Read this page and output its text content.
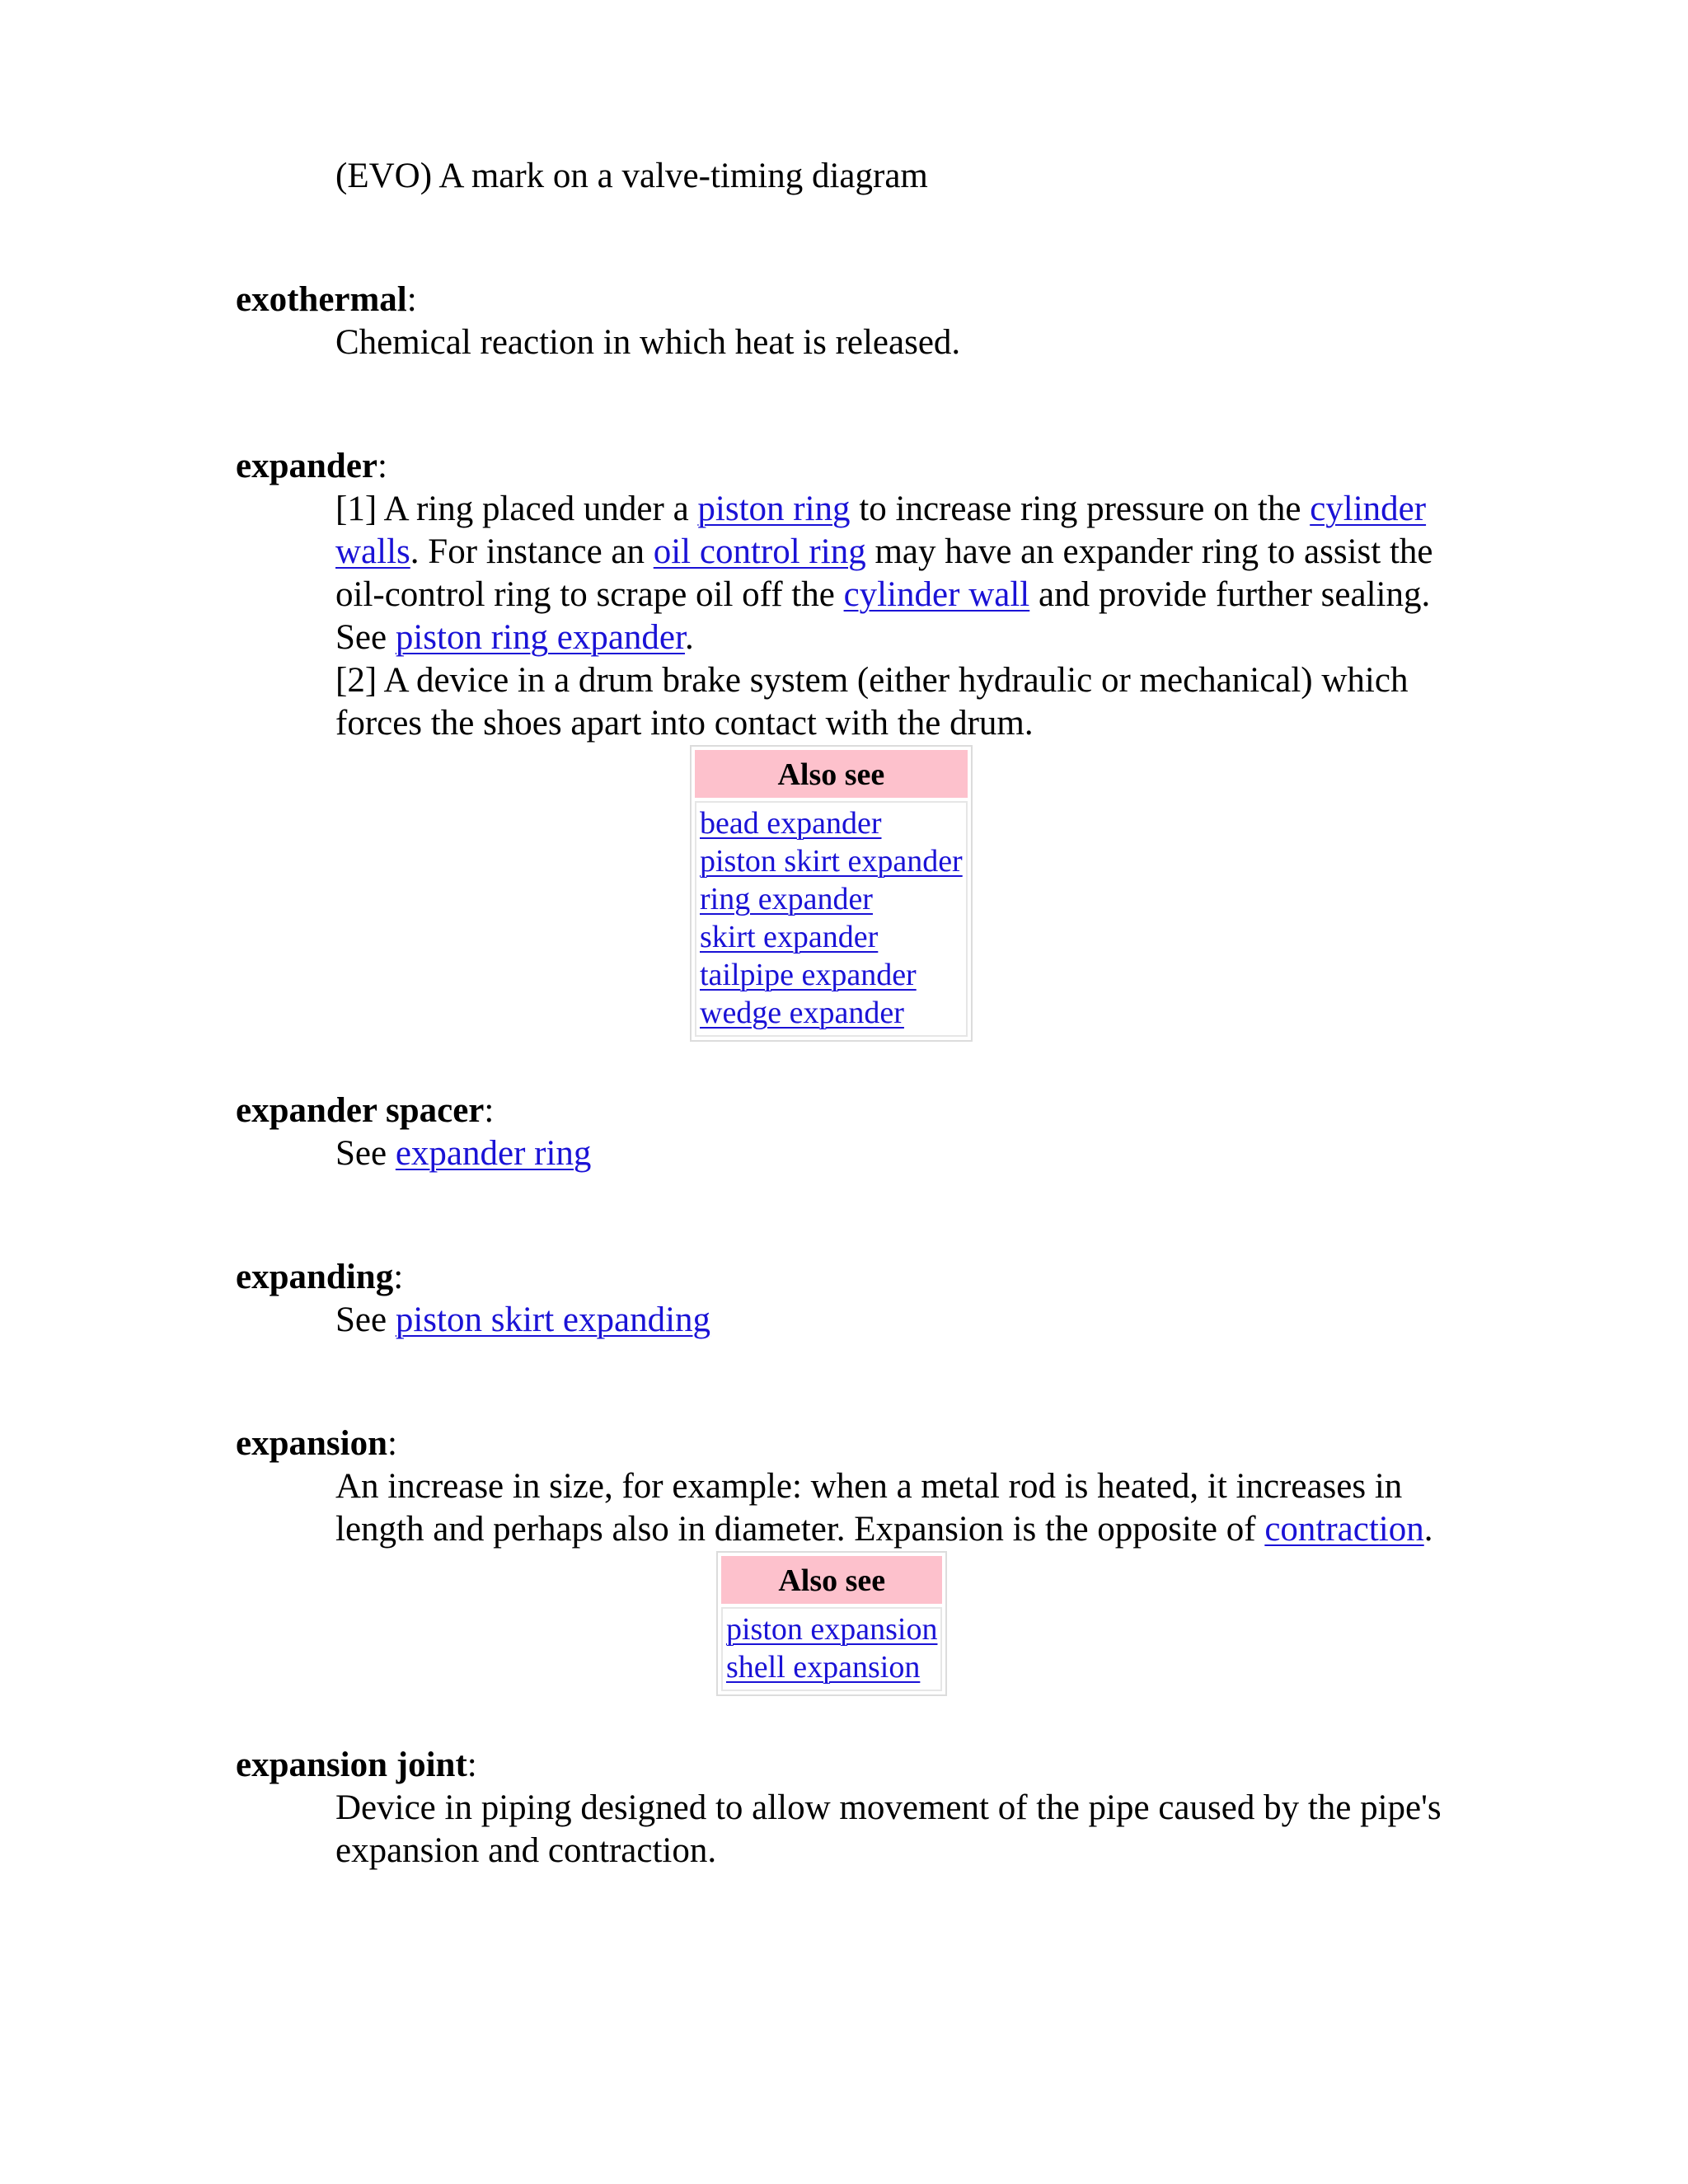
(EVO) A mark on a valve-timing diagram

exothermal:

Chemical reaction in which heat is released.

expander:

[1] A ring placed under a piston ring to increase ring pressure on the cylinder walls. For instance an oil control ring may have an expander ring to assist the oil-control ring to scrape oil off the cylinder wall and provide further sealing. See piston ring expander.

[2] A device in a drum brake system (either hydraulic or mechanical) which forces the shoes apart into contact with the drum.

Also see

bead expander
piston skirt expander
ring expander
skirt expander
tailpipe expander
wedge expander

expander spacer:

See expander ring

expanding:

See piston skirt expanding

expansion:

An increase in size, for example: when a metal rod is heated, it increases in length and perhaps also in diameter. Expansion is the opposite of contraction.

Also see

piston expansion
shell expansion

expansion joint:

Device in piping designed to allow movement of the pipe caused by the pipe's expansion and contraction.
